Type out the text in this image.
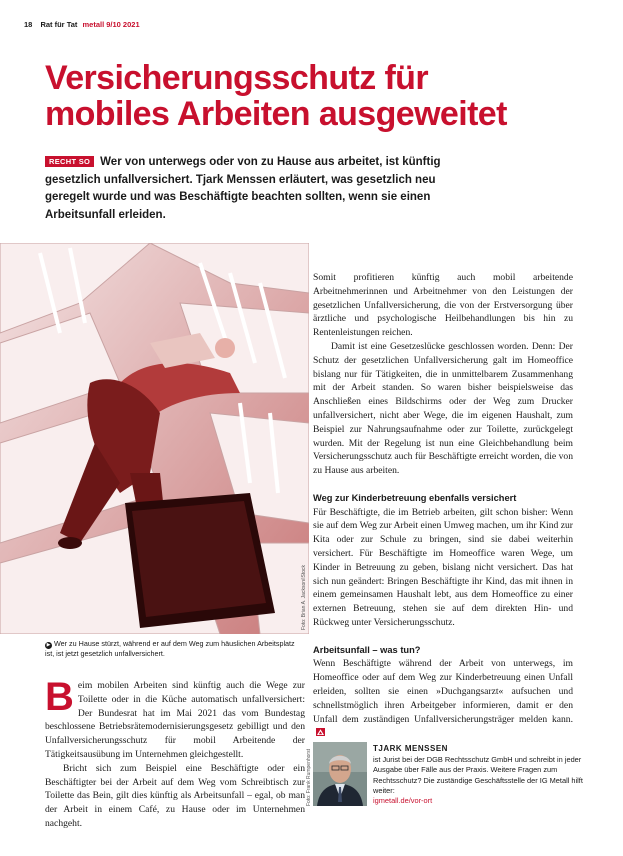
18 Rat für Tat metall 9/10 2021
Versicherungsschutz für
mobiles Arbeiten ausgeweitet
RECHT SO Wer von unterwegs oder von zu Hause aus arbeitet, ist künftig gesetzlich unfallversichert. Tjark Menssen erläutert, was gesetzlich neu geregelt wurde und was Beschäftigte beachten sollten, wenn sie einen Arbeitsunfall erleiden.
Foto: Brian A. Jackson/iStock
▶ Wer zu Hause stürzt, während er auf dem Weg zum häuslichen Arbeitsplatz ist, ist jetzt gesetzlich unfallversichert.

Beim mobilen Arbeiten sind künftig auch die Wege zur Toilette oder in die Küche automatisch unfallversichert: Der Bundesrat hat im Mai 2021 das vom Bundestag beschlossene Betriebsrätemodernisierungsgesetz gebilligt und den Unfallversicherungsschutz für mobil Arbeitende der Tätigkeitsausübung im Unternehmen gleichgestellt.

Bricht sich zum Beispiel eine Beschäftigte oder ein Beschäftigter bei der Arbeit auf dem Weg vom Schreibtisch zur Toilette das Bein, gilt dies künftig als Arbeitsunfall – egal, ob man der Arbeit in einem Café, zu Hause oder im Unternehmen nachgeht.

Somit profitieren künftig auch mobil arbeitende Arbeitnehmerinnen und Arbeitnehmer von den Leistungen der gesetzlichen Unfallversicherung, die von der Erstversorgung über ärztliche und psychologische Heilbehandlungen bis hin zu Rentenleistungen reichen.

Damit ist eine Gesetzeslücke geschlossen worden. Denn: Der Schutz der gesetzlichen Unfallversicherung galt im Homeoffice bislang nur für Tätigkeiten, die in unmittelbarem Zusammenhang mit der Arbeit standen. So waren bisher beispielsweise das Anschließen eines Bildschirms oder der Weg zum Drucker unfallversichert, nicht aber Wege, die im eigenen Haushalt, zum Beispiel zur Nahrungsaufnahme oder zur Toilette, zurückgelegt wurden. Mit der Regelung ist nun eine Gleichbehandlung beim Versicherungsschutz auch für Beschäftigte erreicht worden, die von zu Hause aus arbeiten.

Weg zur Kinderbetreuung ebenfalls versichert

Für Beschäftigte, die im Betrieb arbeiten, gilt schon bisher: Wenn sie auf dem Weg zur Arbeit einen Umweg machen, um ihr Kind zur Kita oder zur Schule zu bringen, sind sie dabei weiterhin versichert. Für Beschäftigte im Homeoffice waren Wege, um Kinder in Betreuung zu geben, bislang nicht versichert. Das hat sich nun geändert: Bringen Beschäftigte ihr Kind, das mit ihnen in einem gemeinsamen Haushalt lebt, aus dem Homeoffice zu einer externen Betreuung, stehen sie auf dem direkten Hin- und Rückweg unter Versicherungsschutz.

Arbeitsunfall – was tun?

Wenn Beschäftigte während der Arbeit von unterwegs, im Homeoffice oder auf dem Weg zur Kinderbetreuung einen Unfall erleiden, sollten sie einen »Duchgangsarzt« aufsuchen und schnellstmöglich ihren Arbeitgeber informieren, damit er den Unfall dem zuständigen Unfallversicherungsträger melden kann.

Foto: Frank Rumpenhorst
TJARK MENSSEN
ist Jurist bei der DGB Rechtsschutz GmbH und schreibt in jeder Ausgabe über Fälle aus der Praxis. Weitere Fragen zum Rechtsschutz? Die zuständige Geschäftsstelle der IG Metall hilft weiter:
igmetall.de/vor-ort
